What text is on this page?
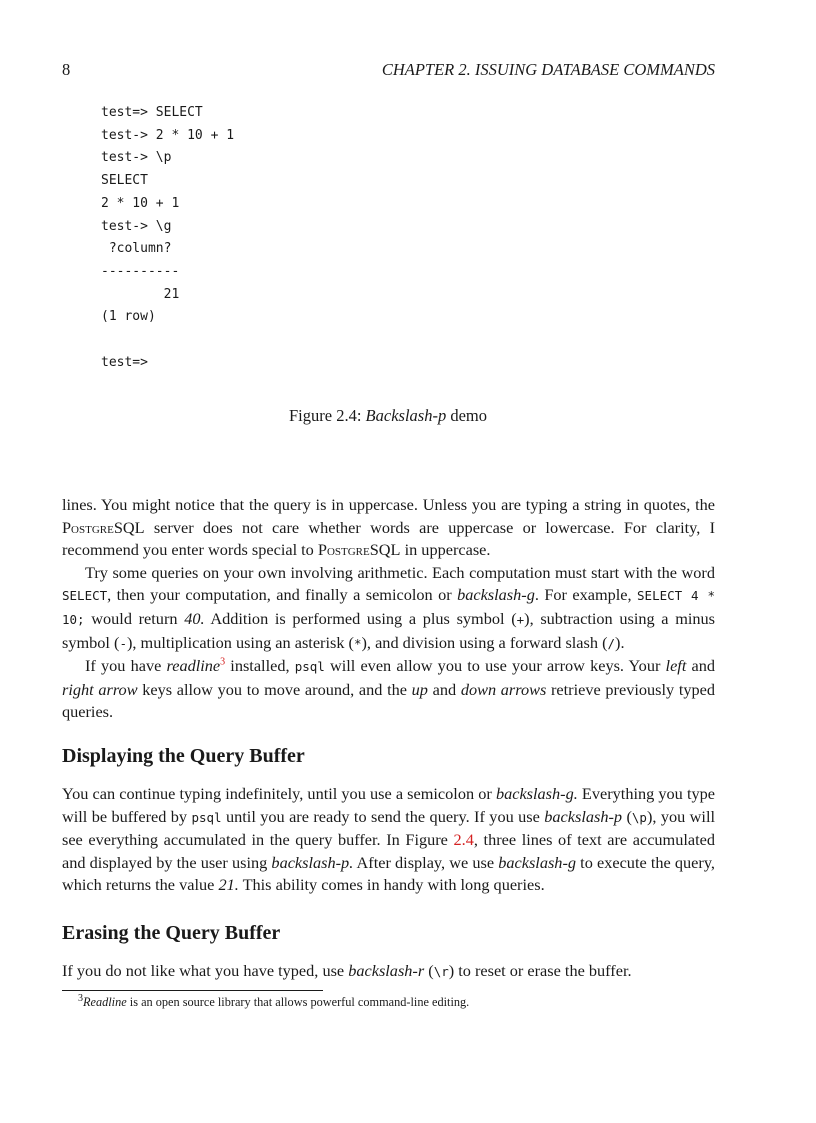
8	CHAPTER 2. ISSUING DATABASE COMMANDS
test=> SELECT
test-> 2 * 10 + 1
test-> \p
SELECT
2 * 10 + 1
test-> \g
?column?
----------
21
(1 row)

test=>
Figure 2.4: Backslash-p demo

lines. You might notice that the query is in uppercase. Unless you are typing a string in quotes, the PostgreSQL server does not care whether words are uppercase or lowercase. For clarity, I recommend you enter words special to PostgreSQL in uppercase.

Try some queries on your own involving arithmetic. Each computation must start with the word SELECT, then your computation, and finally a semicolon or backslash-g. For example, SELECT 4 * 10; would return 40. Addition is performed using a plus symbol (+), subtraction using a minus symbol (-), multiplication using an asterisk (*), and division using a forward slash (/).

If you have readline$^3$ installed, psql will even allow you to use your arrow keys. Your left and right arrow keys allow you to move around, and the up and down arrows retrieve previously typed queries.

Displaying the Query Buffer

You can continue typing indefinitely, until you use a semicolon or backslash-g. Everything you type will be buffered by psql until you are ready to send the query. If you use backslash-p (\p), you will see everything accumulated in the query buffer. In Figure 2.4, three lines of text are accumulated and displayed by the user using backslash-p. After display, we use backslash-g to execute the query, which returns the value 21. This ability comes in handy with long queries.

Erasing the Query Buffer

If you do not like what you have typed, use backslash-r (\r) to reset or erase the buffer.

$^3$Readline is an open source library that allows powerful command-line editing.
